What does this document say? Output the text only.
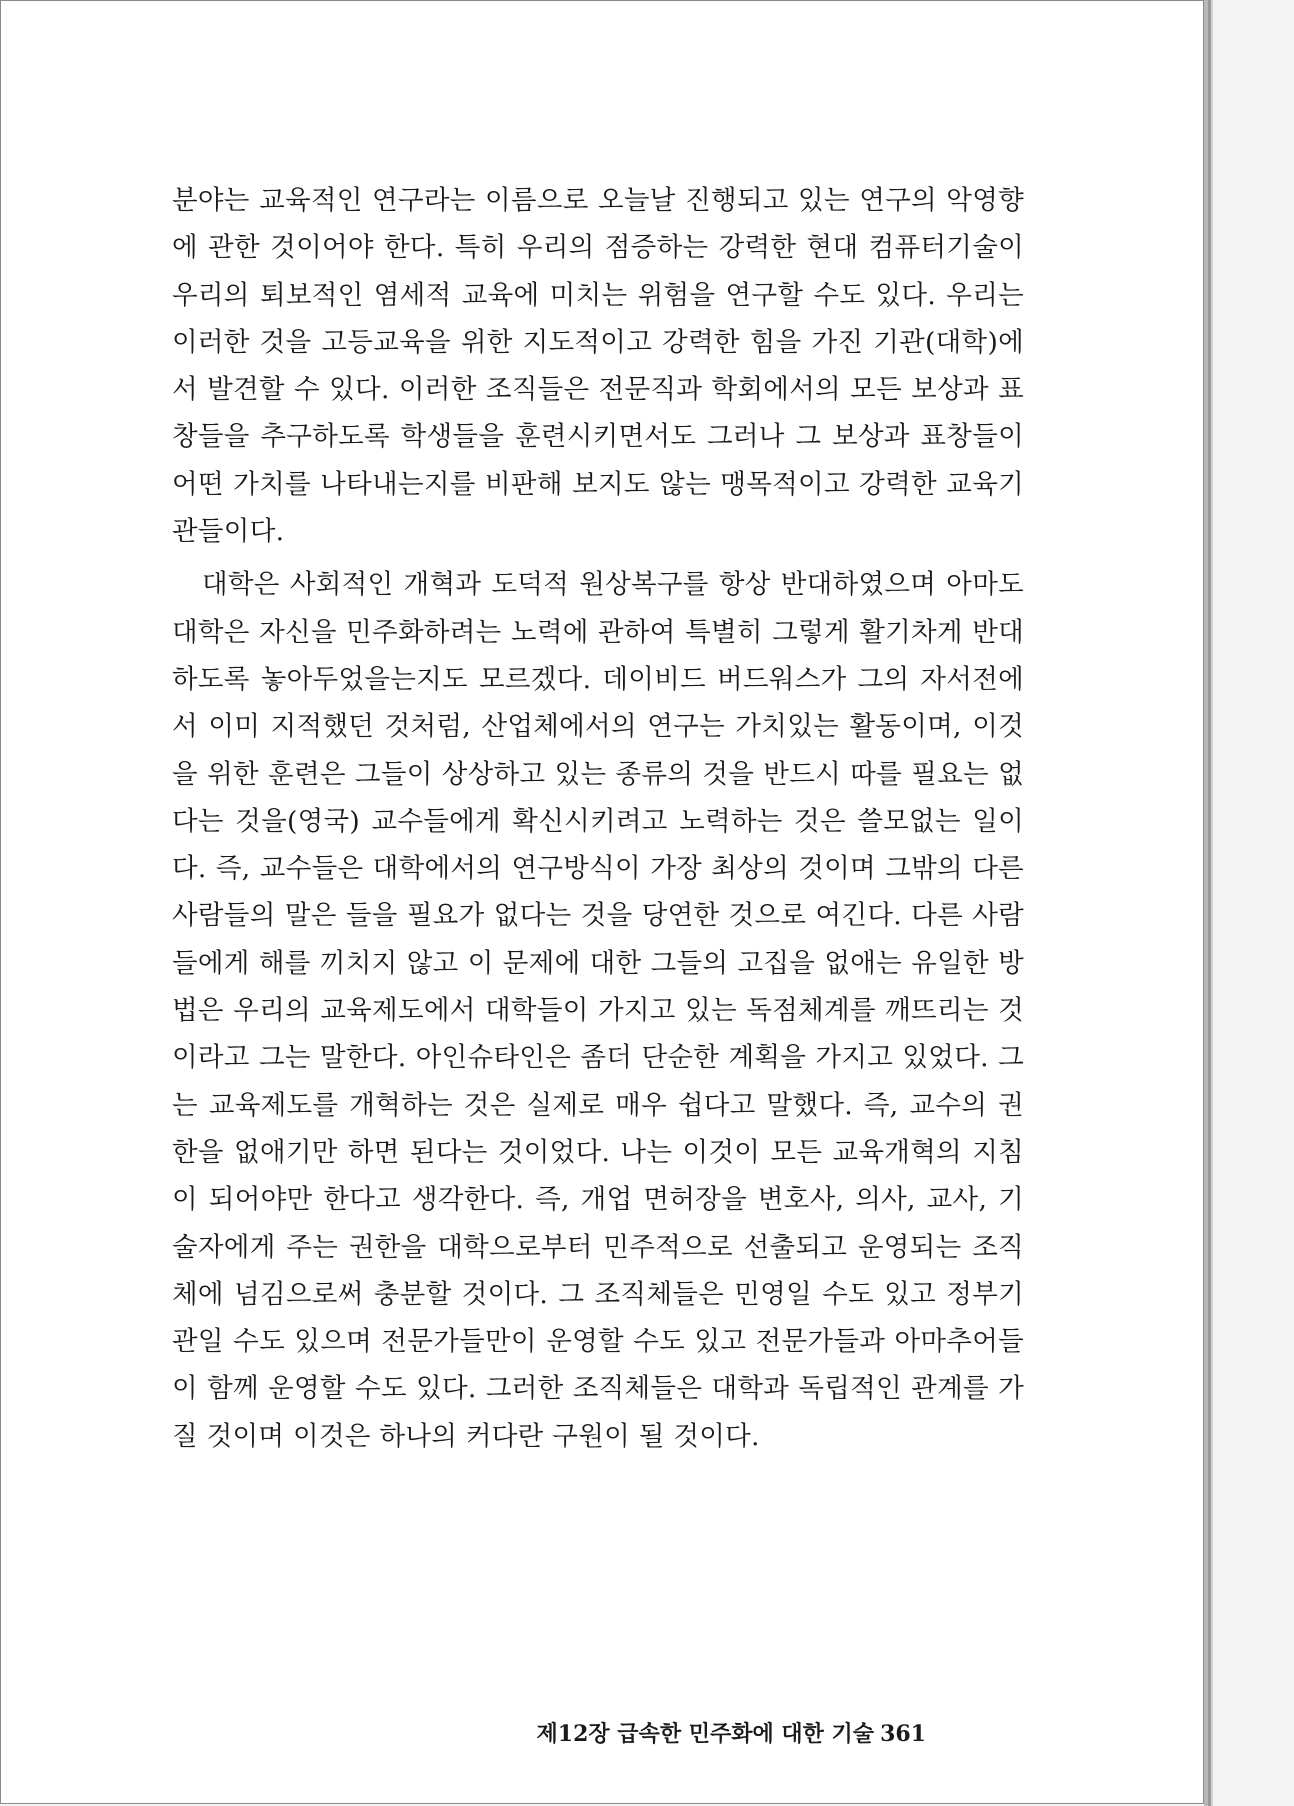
분야는 교육적인 연구라는 이름으로 오늘날 진행되고 있는 연구의 악영향에 관한 것이어야 한다. 특히 우리의 점증하는 강력한 현대 컴퓨터기술이 우리의 퇴보적인 염세적 교육에 미치는 위험을 연구할 수도 있다. 우리는 이러한 것을 고등교육을 위한 지도적이고 강력한 힘을 가진 기관(대학)에서 발견할 수 있다. 이러한 조직들은 전문직과 학회에서의 모든 보상과 표창들을 추구하도록 학생들을 훈련시키면서도 그러나 그 보상과 표창들이 어떤 가치를 나타내는지를 비판해 보지도 않는 맹목적이고 강력한 교육기관들이다.

대학은 사회적인 개혁과 도덕적 원상복구를 항상 반대하였으며 아마도 대학은 자신을 민주화하려는 노력에 관하여 특별히 그렇게 활기차게 반대하도록 놓아두었을는지도 모르겠다. 데이비드 버드워스가 그의 자서전에서 이미 지적했던 것처럼, 산업체에서의 연구는 가치있는 활동이며, 이것을 위한 훈련은 그들이 상상하고 있는 종류의 것을 반드시 따를 필요는 없다는 것을(영국) 교수들에게 확신시키려고 노력하는 것은 쓸모없는 일이다. 즉, 교수들은 대학에서의 연구방식이 가장 최상의 것이며 그밖의 다른 사람들의 말은 들을 필요가 없다는 것을 당연한 것으로 여긴다. 다른 사람들에게 해를 끼치지 않고 이 문제에 대한 그들의 고집을 없애는 유일한 방법은 우리의 교육제도에서 대학들이 가지고 있는 독점체계를 깨뜨리는 것이라고 그는 말한다. 아인슈타인은 좀더 단순한 계획을 가지고 있었다. 그는 교육제도를 개혁하는 것은 실제로 매우 쉽다고 말했다. 즉, 교수의 권한을 없애기만 하면 된다는 것이었다. 나는 이것이 모든 교육개혁의 지침이 되어야만 한다고 생각한다. 즉, 개업 면허장을 변호사, 의사, 교사, 기술자에게 주는 권한을 대학으로부터 민주적으로 선출되고 운영되는 조직체에 넘김으로써 충분할 것이다. 그 조직체들은 민영일 수도 있고 정부기관일 수도 있으며 전문가들만이 운영할 수도 있고 전문가들과 아마추어들이 함께 운영할 수도 있다. 그러한 조직체들은 대학과 독립적인 관계를 가질 것이며 이것은 하나의 커다란 구원이 될 것이다.

제12장 급속한 민주화에 대한 기술 361
